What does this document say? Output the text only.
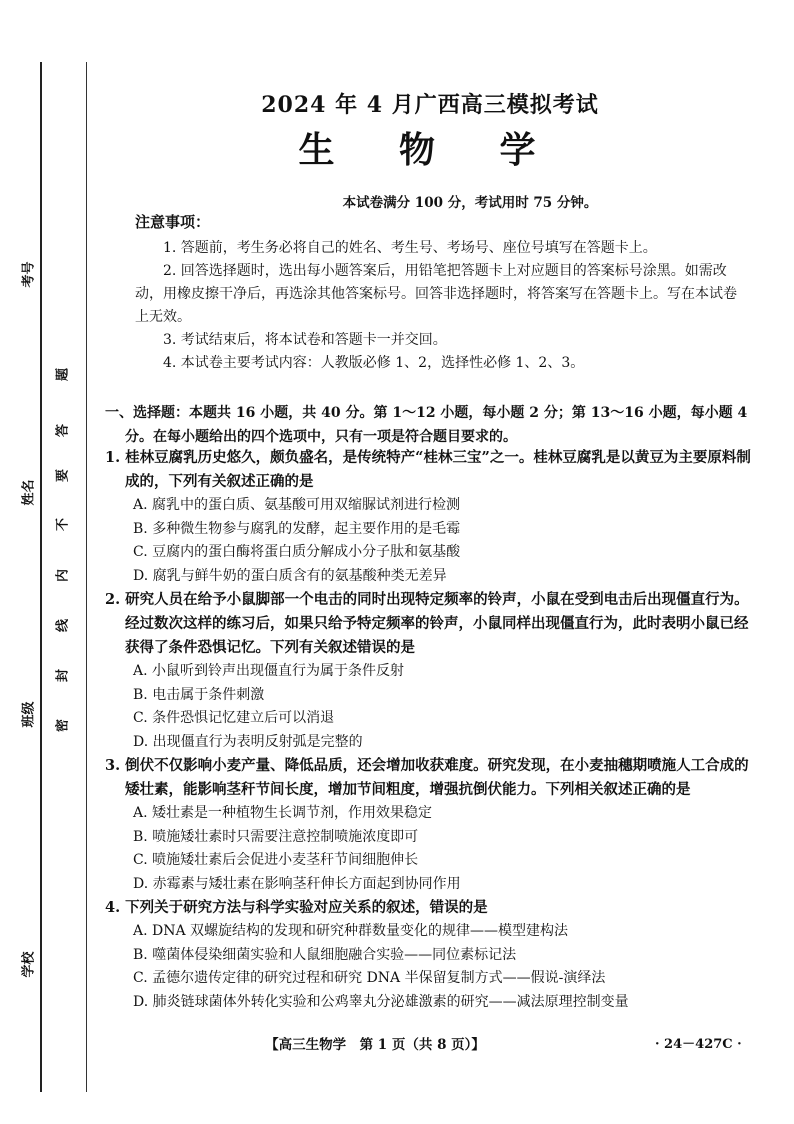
考号
姓名
班级
学校
题
答
要
不
内
线
封
密
2024 年 4 月广西高三模拟考试
生 物 学
本试卷满分 100 分，考试用时 75 分钟。
注意事项：

1. 答题前，考生务必将自己的姓名、考生号、考场号、座位号填写在答题卡上。

2. 回答选择题时，选出每小题答案后，用铅笔把答题卡上对应题目的答案标号涂黑。如需改动，用橡皮擦干净后，再选涂其他答案标号。回答非选择题时，将答案写在答题卡上。写在本试卷上无效。

3. 考试结束后，将本试卷和答题卡一并交回。

4. 本试卷主要考试内容：人教版必修 1、2，选择性必修 1、2、3。

一、选择题：本题共 16 小题，共 40 分。第 1～12 小题，每小题 2 分；第 13～16 小题，每小题 4
分。在每小题给出的四个选项中，只有一项是符合题目要求的。
1. 桂林豆腐乳历史悠久，颇负盛名，是传统特产“桂林三宝”之一。桂林豆腐乳是以黄豆为主要原料制成的，下列有关叙述正确的是
A. 腐乳中的蛋白质、氨基酸可用双缩脲试剂进行检测
B. 多种微生物参与腐乳的发酵，起主要作用的是毛霉
C. 豆腐内的蛋白酶将蛋白质分解成小分子肽和氨基酸
D. 腐乳与鲜牛奶的蛋白质含有的氨基酸种类无差异
2. 研究人员在给予小鼠脚部一个电击的同时出现特定频率的铃声，小鼠在受到电击后出现僵直行为。经过数次这样的练习后，如果只给予特定频率的铃声，小鼠同样出现僵直行为，此时表明小鼠已经获得了条件恐惧记忆。下列有关叙述错误的是
A. 小鼠听到铃声出现僵直行为属于条件反射
B. 电击属于条件刺激
C. 条件恐惧记忆建立后可以消退
D. 出现僵直行为表明反射弧是完整的
3. 倒伏不仅影响小麦产量、降低品质，还会增加收获难度。研究发现，在小麦抽穗期喷施人工合成的矮壮素，能影响茎秆节间长度，增加节间粗度，增强抗倒伏能力。下列相关叙述正确的是
A. 矮壮素是一种植物生长调节剂，作用效果稳定
B. 喷施矮壮素时只需要注意控制喷施浓度即可
C. 喷施矮壮素后会促进小麦茎秆节间细胞伸长
D. 赤霉素与矮壮素在影响茎秆伸长方面起到协同作用
4. 下列关于研究方法与科学实验对应关系的叙述，错误的是
A. DNA 双螺旋结构的发现和研究种群数量变化的规律——模型建构法
B. 噬菌体侵染细菌实验和人鼠细胞融合实验——同位素标记法
C. 孟德尔遗传定律的研究过程和研究 DNA 半保留复制方式——假说-演绎法
D. 肺炎链球菌体外转化实验和公鸡睾丸分泌雄激素的研究——减法原理控制变量
【高三生物学　第 1 页（共 8 页）】	· 24－427C ·
